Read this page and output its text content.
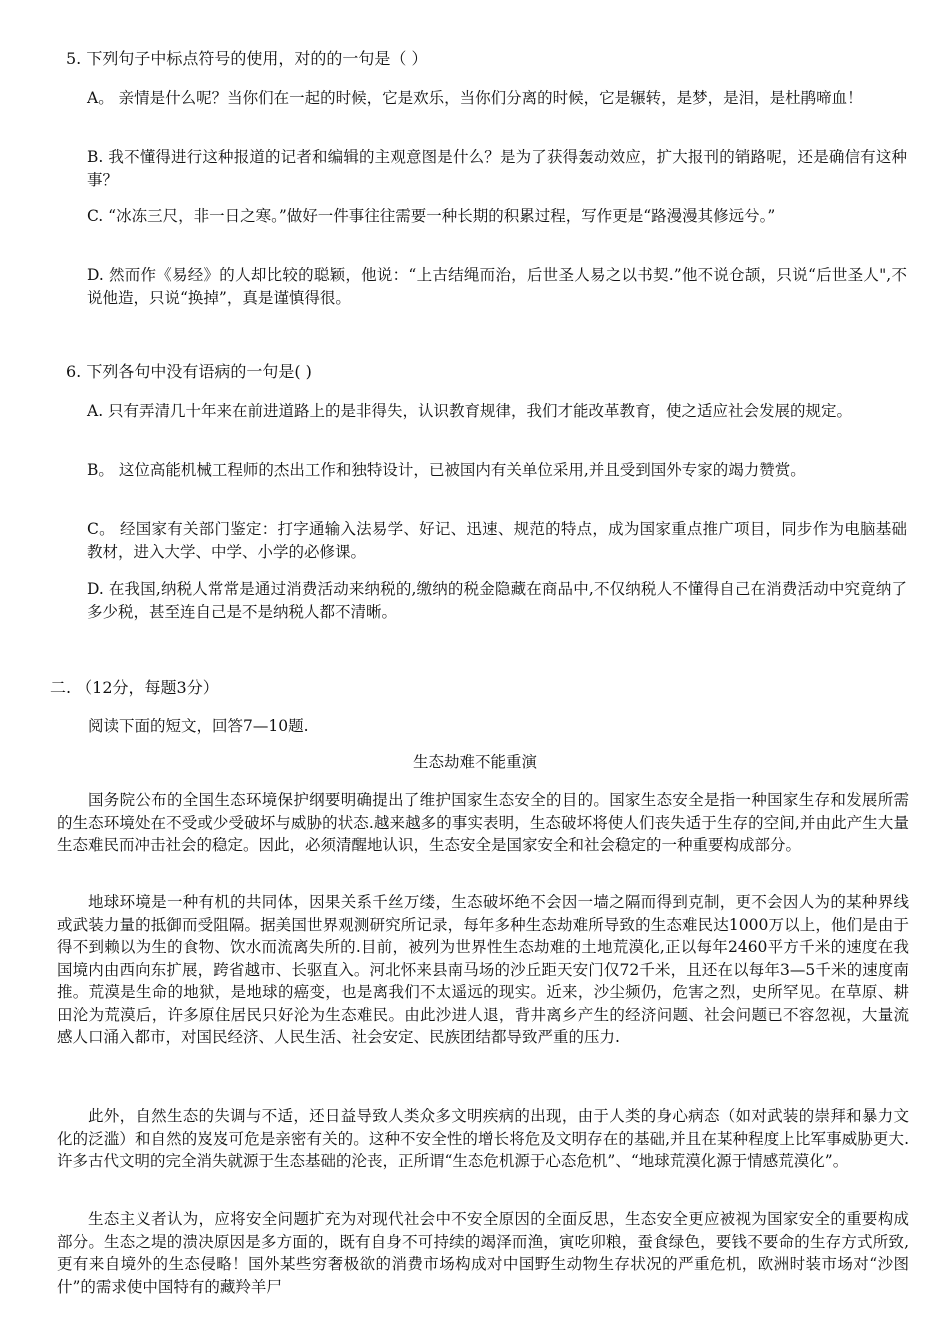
5. 下列句子中标点符号的使用，对的的一句是（ ）
A。 亲情是什么呢？当你们在一起的时候，它是欢乐，当你们分离的时候，它是辗转，是梦，是泪，是杜鹃啼血！
B. 我不懂得进行这种报道的记者和编辑的主观意图是什么？是为了获得轰动效应，扩大报刊的销路呢，还是确信有这种事？
C. “冰冻三尺，非一日之寒。”做好一件事往往需要一种长期的积累过程，写作更是“路漫漫其修远兮。”
D. 然而作《易经》的人却比较的聪颖，他说：“上古结绳而治，后世圣人易之以书契.”他不说仓颉，只说“后世圣人",不说他造，只说“换掉”，真是谨慎得很。
6. 下列各句中没有语病的一句是( )
A. 只有弄清几十年来在前进道路上的是非得失，认识教育规律，我们才能改革教育，使之适应社会发展的规定。
B。 这位高能机械工程师的杰出工作和独特设计，已被国内有关单位采用,并且受到国外专家的竭力赞赏。
C。 经国家有关部门鉴定：打字通输入法易学、好记、迅速、规范的特点，成为国家重点推广项目，同步作为电脑基础教材，进入大学、中学、小学的必修课。
D. 在我国,纳税人常常是通过消费活动来纳税的,缴纳的税金隐藏在商品中,不仅纳税人不懂得自己在消费活动中究竟纳了多少税，甚至连自己是不是纳税人都不清晰。
二. （12分，每题3分）
阅读下面的短文，回答7—10题.
生态劫难不能重演
国务院公布的全国生态环境保护纲要明确提出了维护国家生态安全的目的。国家生态安全是指一种国家生存和发展所需的生态环境处在不受或少受破坏与威胁的状态.越来越多的事实表明，生态破坏将使人们丧失适于生存的空间,并由此产生大量生态难民而冲击社会的稳定。因此，必须清醒地认识，生态安全是国家安全和社会稳定的一种重要构成部分。
地球环境是一种有机的共同体，因果关系千丝万缕，生态破坏绝不会因一墙之隔而得到克制，更不会因人为的某种界线或武装力量的抵御而受阻隔。据美国世界观测研究所记录，每年多种生态劫难所导致的生态难民达1000万以上，他们是由于得不到赖以为生的食物、饮水而流离失所的.目前，被列为世界性生态劫难的土地荒漠化,正以每年2460平方千米的速度在我国境内由西向东扩展，跨省越市、长驱直入。河北怀来县南马场的沙丘距天安门仅72千米，且还在以每年3—5千米的速度南推。荒漠是生命的地狱，是地球的癌变，也是离我们不太遥远的现实。近来，沙尘频仍，危害之烈，史所罕见。在草原、耕田沦为荒漠后，许多原住居民只好沦为生态难民。由此沙进人退，背井离乡产生的经济问题、社会问题已不容忽视，大量流感人口涌入都市，对国民经济、人民生活、社会安定、民族团结都导致严重的压力.
此外，自然生态的失调与不适，还日益导致人类众多文明疾病的出现，由于人类的身心病态（如对武装的崇拜和暴力文化的泛滥）和自然的岌岌可危是亲密有关的。这种不安全性的增长将危及文明存在的基础,并且在某种程度上比军事威胁更大.许多古代文明的完全消失就源于生态基础的沦丧，正所谓“生态危机源于心态危机”、“地球荒漠化源于情感荒漠化”。
生态主义者认为，应将安全问题扩充为对现代社会中不安全原因的全面反思，生态安全更应被视为国家安全的重要构成部分。生态之堤的溃决原因是多方面的，既有自身不可持续的竭泽而渔，寅吃卯粮，蚕食绿色，要钱不要命的生存方式所致,更有来自境外的生态侵略！国外某些穷奢极欲的消费市场构成对中国野生动物生存状况的严重危机，欧洲时装市场对“沙图什”的需求使中国特有的藏羚羊尸
